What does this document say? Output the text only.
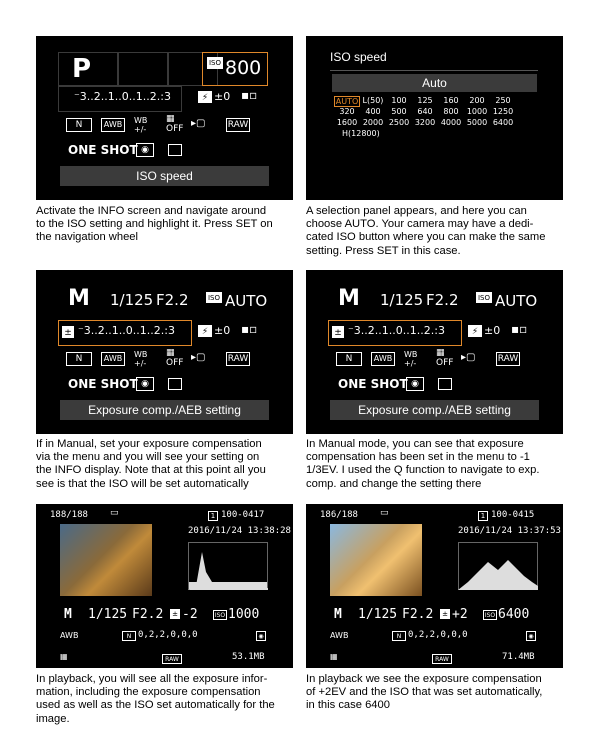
P	ISO 800
⁻3..2..1..0..1..2.:3	⚡ ±0 ▪▫
N	AWB	WB
+/-
▦
OFF ▸▢ RAW
ONE SHOT ◉
ISO speed
Activate the INFO screen and navigate around
to the ISO setting and highlight it. Press SET on
the navigation wheel
ISO speed
Auto
AUTO L(50) 100	125	160	200	250
320	400	500	640	800	1000 1250
1600 2000 2500 3200 4000 5000 6400
H(12800)
A selection panel appears, and here you can
choose AUTO. Your camera may have a dedi-
cated ISO button where you can make the same
setting. Press SET in this case.
M 1/125 F2.2	ISO AUTO
± ⁻3..2..1..0..1..2.:3	⚡ ±0 ▪▫
N	AWB	WB
+/-
▦
OFF ▸▢ RAW
ONE SHOT ◉
Exposure comp./AEB setting
If in Manual, set your exposure compensation
via the menu and you will see your setting on
the INFO display. Note that at this point all you
see is that the ISO will be set automatically
M 1/125 F2.2	ISO AUTO
± ⁻3..2..1..0..1..2.:3	⚡ ±0 ▪▫
N	AWB	WB
+/-
▦
OFF ▸▢ RAW
ONE SHOT ◉
Exposure comp./AEB setting
In Manual mode, you can see that exposure
compensation has been set in the menu to -1
1/3EV. I used the Q function to navigate to exp.
comp. and change the setting there
188/188 ▭	1 100-0417
2016/11/24 13:38:28
M 1/125 F2.2 ± -2	ISO 1000
AWB	N 0,2,2,0,0,0	◉
▦	RAW	53.1MB
In playback, you will see all the exposure infor-
mation, including the exposure compensation
used as well as the ISO set automatically for the
image.
186/188 ▭	1 100-0415
2016/11/24 13:37:53
M 1/125 F2.2 ± +2	ISO 6400
AWB	N 0,2,2,0,0,0	◉
▦	RAW	71.4MB
In playback we see the exposure compensation
of +2EV and the ISO that was set automatically,
in this case 6400
